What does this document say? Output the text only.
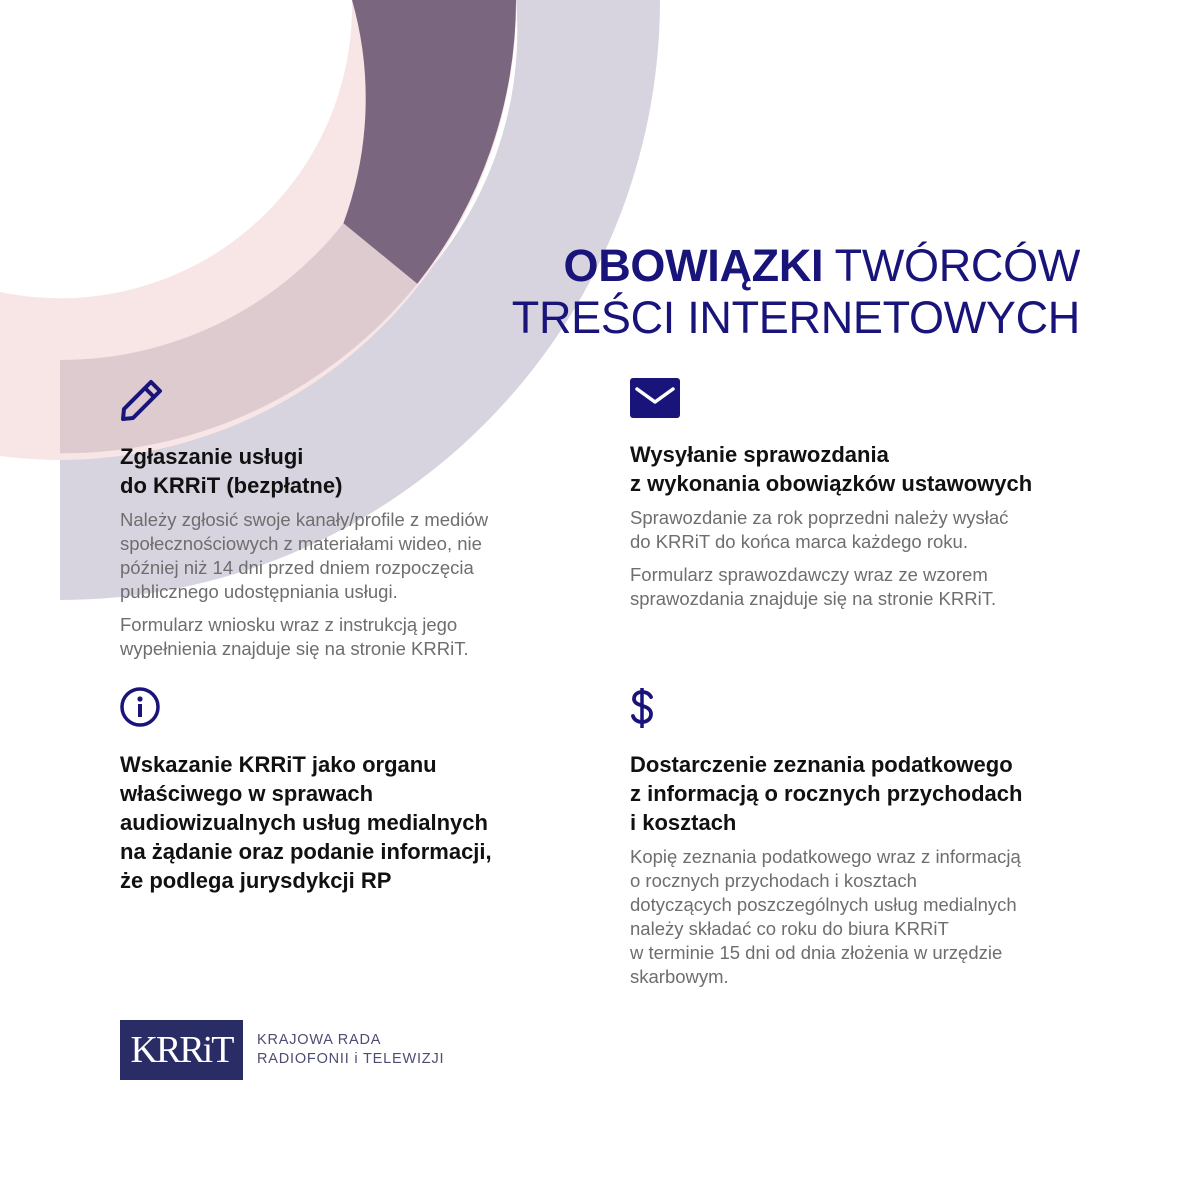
OBOWIĄZKI TWÓRCÓW
TREŚCI INTERNETOWYCH
Zgłaszanie usługi
do KRRiT (bezpłatne)

Należy zgłosić swoje kanały/profile z mediów
społecznościowych z materiałami wideo, nie
później niż 14 dni przed dniem rozpoczęcia
publicznego udostępniania usługi.

Formularz wniosku wraz z instrukcją jego
wypełnienia znajduje się na stronie KRRiT.

Wysyłanie sprawozdania
z wykonania obowiązków ustawowych

Sprawozdanie za rok poprzedni należy wysłać
do KRRiT do końca marca każdego roku.

Formularz sprawozdawczy wraz ze wzorem
sprawozdania znajduje się na stronie KRRiT.

Wskazanie KRRiT jako organu
właściwego w sprawach
audiowizualnych usług medialnych
na żądanie oraz podanie informacji,
że podlega jurysdykcji RP
Dostarczenie zeznania podatkowego
z informacją o rocznych przychodach
i kosztach

Kopię zeznania podatkowego wraz z informacją
o rocznych przychodach i kosztach
dotyczących poszczególnych usług medialnych
należy składać co roku do biura KRRiT
w terminie 15 dni od dnia złożenia w urzędzie
skarbowym.

KRRiT KRAJOWA RADA
RADIOFONII i TELEWIZJI
